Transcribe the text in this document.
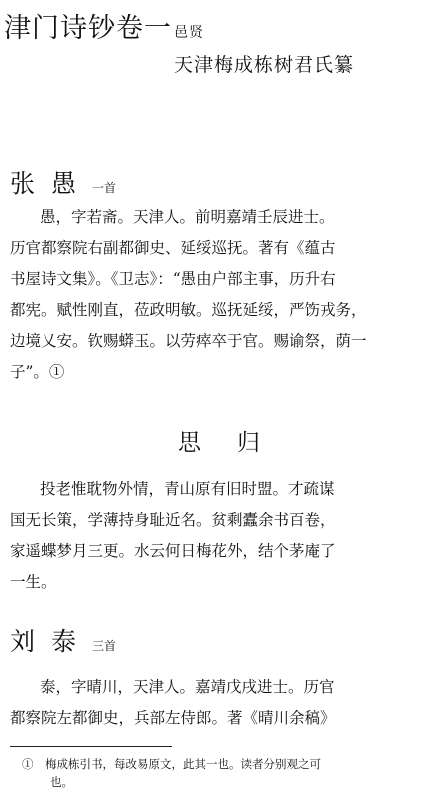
津门诗钞卷一 邑贤
天津梅成栋树君氏纂
张愚一首
愚，字若斋。天津人。前明嘉靖壬辰进士。
历官都察院右副都御史、延绥巡抚。著有《蕴古
书屋诗文集》。《卫志》：“愚由户部主事，历升右
都宪。赋性刚直，莅政明敏。巡抚延绥，严饬戎务，
边境乂安。钦赐蟒玉。以劳瘁卒于官。赐谕祭，荫一
子”。①
思归
投老惟耽物外情，青山原有旧时盟。才疏谋
国无长策，学薄持身耻近名。贫剩蠹余书百卷，
家遥蝶梦月三更。水云何日梅花外，结个茅庵了
一生。
刘泰三首
泰，字晴川，天津人。嘉靖戊戌进士。历官
都察院左都御史，兵部左侍郎。著《晴川余稿》
①　梅成栋引书，每改易原文，此其一也。读者分别观之可
也。
